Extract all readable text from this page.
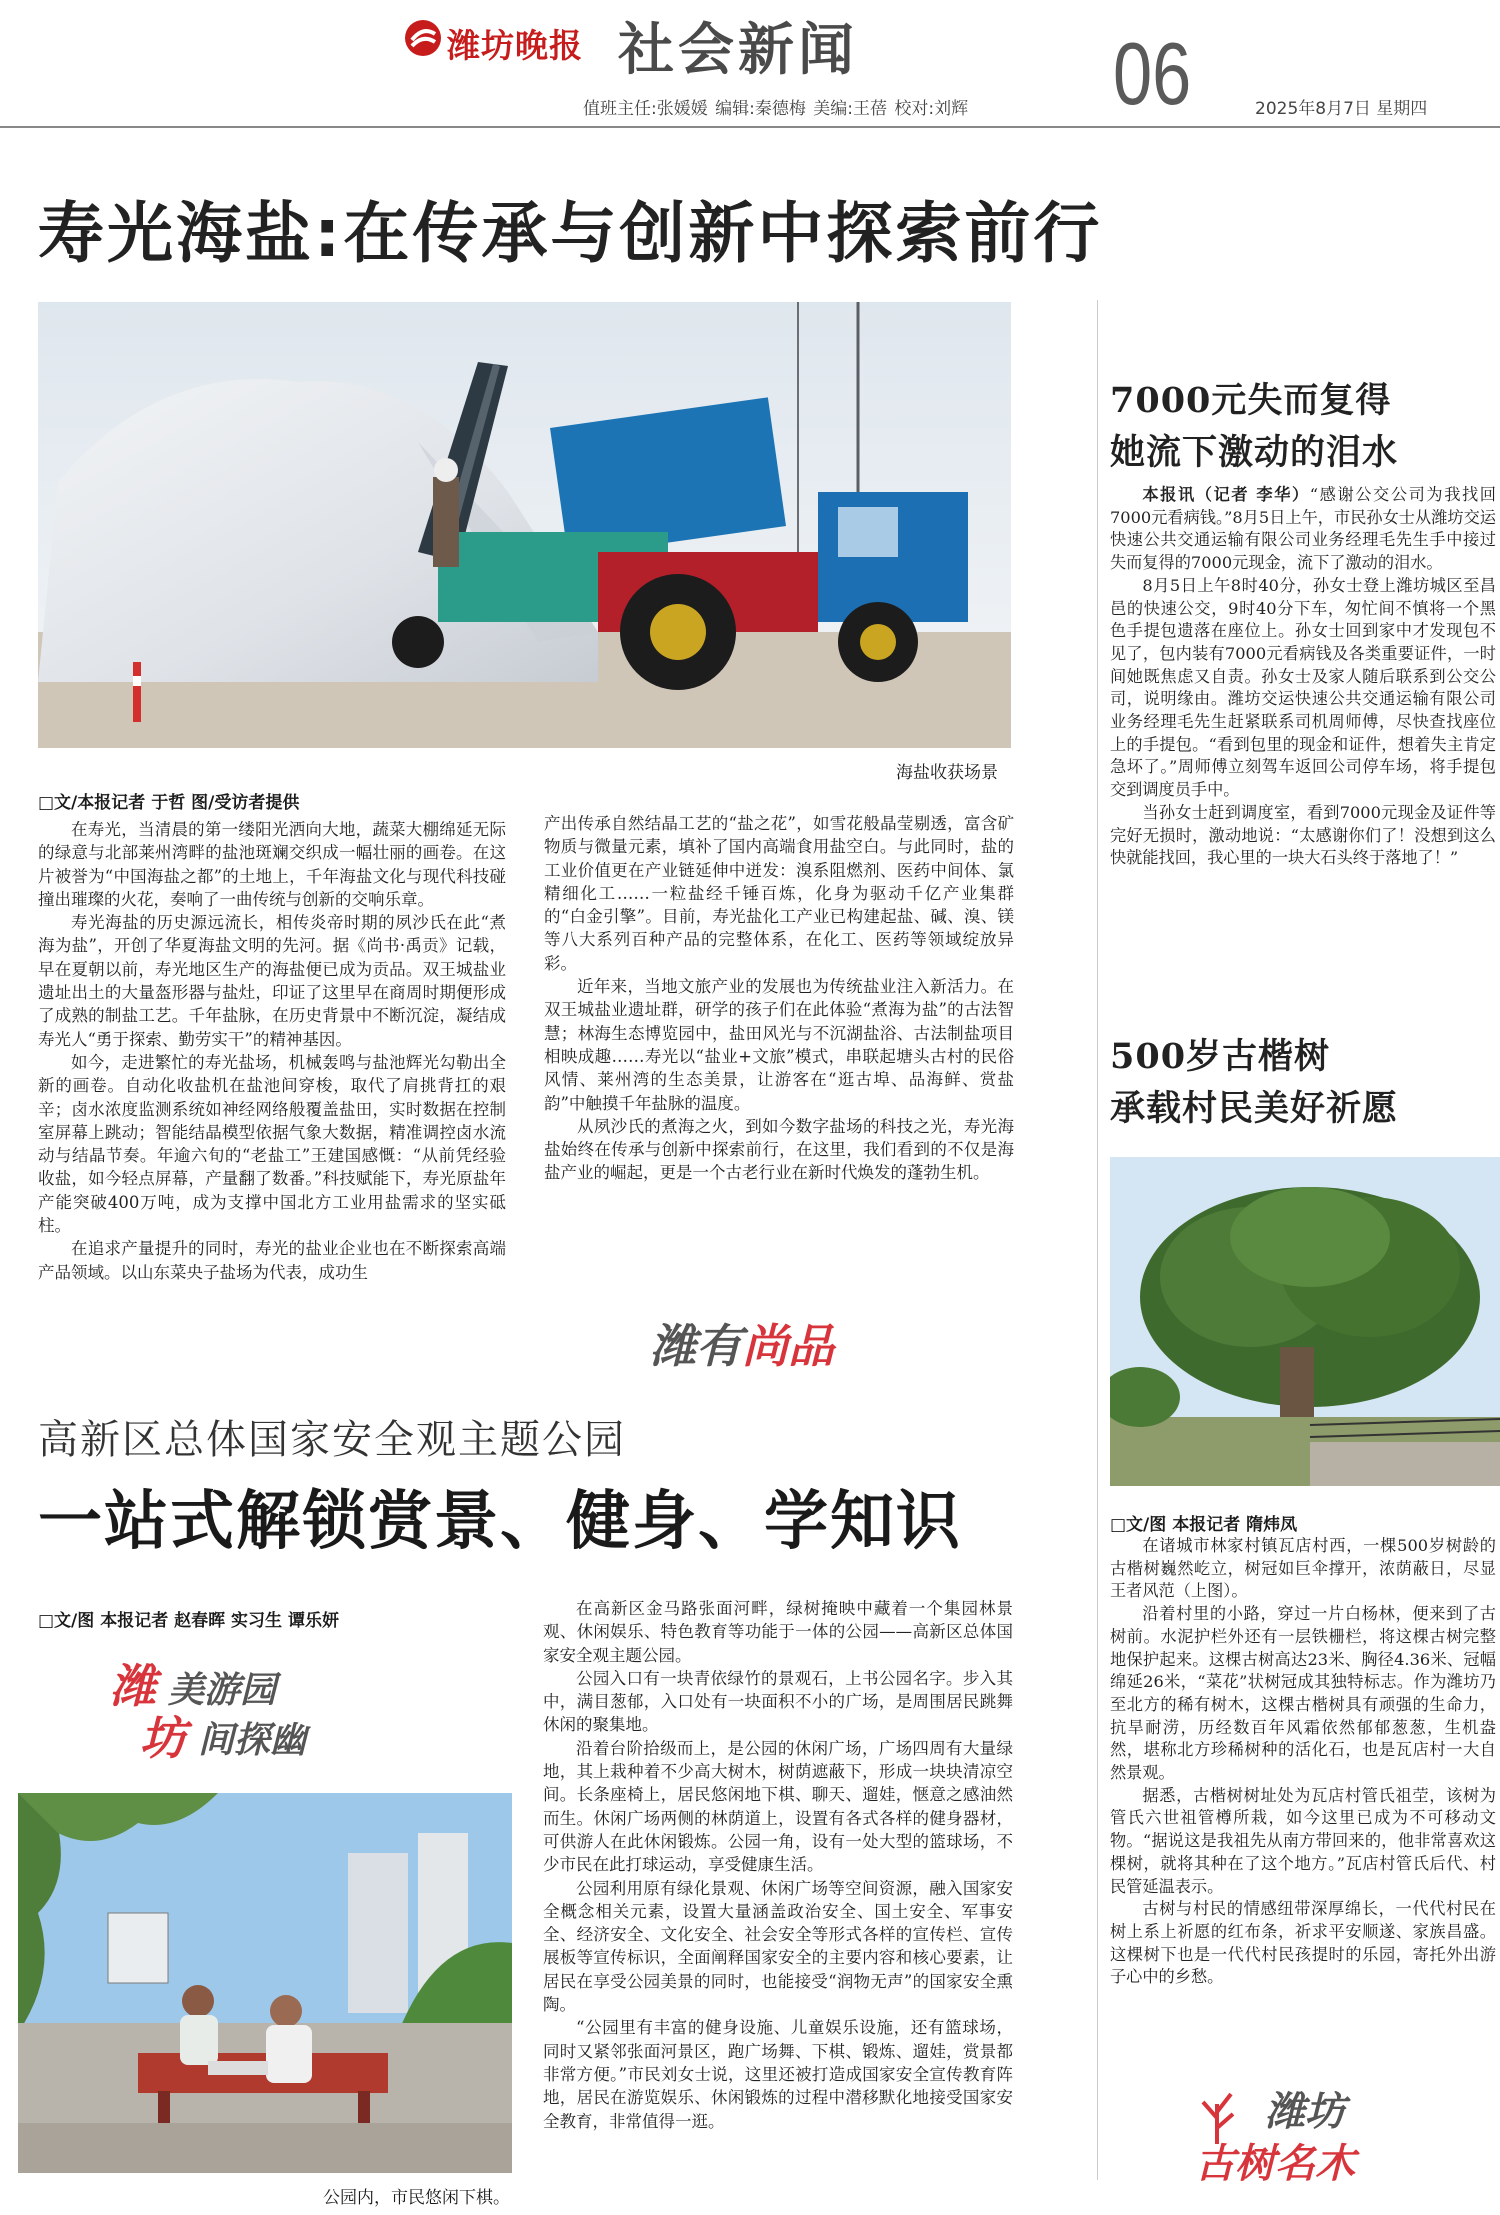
潍坊晚报 社会新闻
值班主任:张媛媛 编辑:秦德梅 美编:王蓓 校对:刘辉 06	2025年8月7日 星期四
寿光海盐:在传承与创新中探索前行
海盐收获场景
□文/本报记者 于哲 图/受访者提供

在寿光，当清晨的第一缕阳光洒向大地，蔬菜大棚绵延无际的绿意与北部莱州湾畔的盐池斑斓交织成一幅壮丽的画卷。在这片被誉为“中国海盐之都”的土地上，千年海盐文化与现代科技碰撞出璀璨的火花，奏响了一曲传统与创新的交响乐章。

寿光海盐的历史源远流长，相传炎帝时期的夙沙氏在此“煮海为盐”，开创了华夏海盐文明的先河。据《尚书·禹贡》记载，早在夏朝以前，寿光地区生产的海盐便已成为贡品。双王城盐业遗址出土的大量盔形器与盐灶，印证了这里早在商周时期便形成了成熟的制盐工艺。千年盐脉，在历史背景中不断沉淀，凝结成寿光人“勇于探索、勤劳实干”的精神基因。

如今，走进繁忙的寿光盐场，机械轰鸣与盐池辉光勾勒出全新的画卷。自动化收盐机在盐池间穿梭，取代了肩挑背扛的艰辛；卤水浓度监测系统如神经网络般覆盖盐田，实时数据在控制室屏幕上跳动；智能结晶模型依据气象大数据，精准调控卤水流动与结晶节奏。年逾六旬的“老盐工”王建国感慨：“从前凭经验收盐，如今轻点屏幕，产量翻了数番。”科技赋能下，寿光原盐年产能突破400万吨，成为支撑中国北方工业用盐需求的坚实砥柱。

在追求产量提升的同时，寿光的盐业企业也在不断探索高端产品领域。以山东菜央子盐场为代表，成功生

产出传承自然结晶工艺的“盐之花”，如雪花般晶莹剔透，富含矿物质与微量元素，填补了国内高端食用盐空白。与此同时，盐的工业价值更在产业链延伸中迸发：溴系阻燃剂、医药中间体、氯精细化工……一粒盐经千锤百炼，化身为驱动千亿产业集群的“白金引擎”。目前，寿光盐化工产业已构建起盐、碱、溴、镁等八大系列百种产品的完整体系，在化工、医药等领域绽放异彩。

近年来，当地文旅产业的发展也为传统盐业注入新活力。在双王城盐业遗址群，研学的孩子们在此体验“煮海为盐”的古法智慧；林海生态博览园中，盐田风光与不沉湖盐浴、古法制盐项目相映成趣……寿光以“盐业+文旅”模式，串联起塘头古村的民俗风情、莱州湾的生态美景，让游客在“逛古埠、品海鲜、赏盐韵”中触摸千年盐脉的温度。

从夙沙氏的煮海之火，到如今数字盐场的科技之光，寿光海盐始终在传承与创新中探索前行，在这里，我们看到的不仅是海盐产业的崛起，更是一个古老行业在新时代焕发的蓬勃生机。

潍有尚品
高新区总体国家安全观主题公园
一站式解锁赏景、健身、学知识
□文/图 本报记者 赵春晖 实习生 谭乐妍
潍 美游园
坊 间探幽
公园内，市民悠闲下棋。

在高新区金马路张面河畔，绿树掩映中藏着一个集园林景观、休闲娱乐、特色教育等功能于一体的公园——高新区总体国家安全观主题公园。

公园入口有一块青依绿竹的景观石，上书公园名字。步入其中，满目葱郁，入口处有一块面积不小的广场，是周围居民跳舞休闲的聚集地。

沿着台阶拾级而上，是公园的休闲广场，广场四周有大量绿地，其上栽种着不少高大树木，树荫遮蔽下，形成一块块清凉空间。长条座椅上，居民悠闲地下棋、聊天、遛娃，惬意之感油然而生。休闲广场两侧的林荫道上，设置有各式各样的健身器材，可供游人在此休闲锻炼。公园一角，设有一处大型的篮球场，不少市民在此打球运动，享受健康生活。

公园利用原有绿化景观、休闲广场等空间资源，融入国家安全概念相关元素，设置大量涵盖政治安全、国土安全、军事安全、经济安全、文化安全、社会安全等形式各样的宣传栏、宣传展板等宣传标识，全面阐释国家安全的主要内容和核心要素，让居民在享受公园美景的同时，也能接受“润物无声”的国家安全熏陶。

“公园里有丰富的健身设施、儿童娱乐设施，还有篮球场，同时又紧邻张面河景区，跑广场舞、下棋、锻炼、遛娃，赏景都非常方便。”市民刘女士说，这里还被打造成国家安全宣传教育阵地，居民在游览娱乐、休闲锻炼的过程中潜移默化地接受国家安全教育，非常值得一逛。

7000元失而复得
她流下激动的泪水

本报讯（记者 李华）“感谢公交公司为我找回7000元看病钱。”8月5日上午，市民孙女士从潍坊交运快速公共交通运输有限公司业务经理毛先生手中接过失而复得的7000元现金，流下了激动的泪水。

8月5日上午8时40分，孙女士登上潍坊城区至昌邑的快速公交，9时40分下车，匆忙间不慎将一个黑色手提包遗落在座位上。孙女士回到家中才发现包不见了，包内装有7000元看病钱及各类重要证件，一时间她既焦虑又自责。孙女士及家人随后联系到公交公司，说明缘由。潍坊交运快速公共交通运输有限公司业务经理毛先生赶紧联系司机周师傅，尽快查找座位上的手提包。“看到包里的现金和证件，想着失主肯定急坏了。”周师傅立刻驾车返回公司停车场，将手提包交到调度员手中。

当孙女士赶到调度室，看到7000元现金及证件等完好无损时，激动地说：“太感谢你们了！没想到这么快就能找回，我心里的一块大石头终于落地了！”

500岁古楷树
承载村民美好祈愿
□文/图 本报记者 隋炜凤

在诸城市林家村镇瓦店村西，一棵500岁树龄的古楷树巍然屹立，树冠如巨伞撑开，浓荫蔽日，尽显王者风范（上图）。

沿着村里的小路，穿过一片白杨林，便来到了古树前。水泥护栏外还有一层铁栅栏，将这棵古树完整地保护起来。这棵古树高达23米、胸径4.36米、冠幅绵延26米，“菜花”状树冠成其独特标志。作为潍坊乃至北方的稀有树木，这棵古楷树具有顽强的生命力，抗旱耐涝，历经数百年风霜依然郁郁葱葱，生机盎然，堪称北方珍稀树种的活化石，也是瓦店村一大自然景观。

据悉，古楷树树址处为瓦店村管氏祖茔，该树为管氏六世祖管樽所栽，如今这里已成为不可移动文物。“据说这是我祖先从南方带回来的，他非常喜欢这棵树，就将其种在了这个地方。”瓦店村管氏后代、村民管延温表示。

古树与村民的情感纽带深厚绵长，一代代村民在树上系上祈愿的红布条，祈求平安顺遂、家族昌盛。这棵树下也是一代代村民孩提时的乐园，寄托外出游子心中的乡愁。

潍坊
古树名木
